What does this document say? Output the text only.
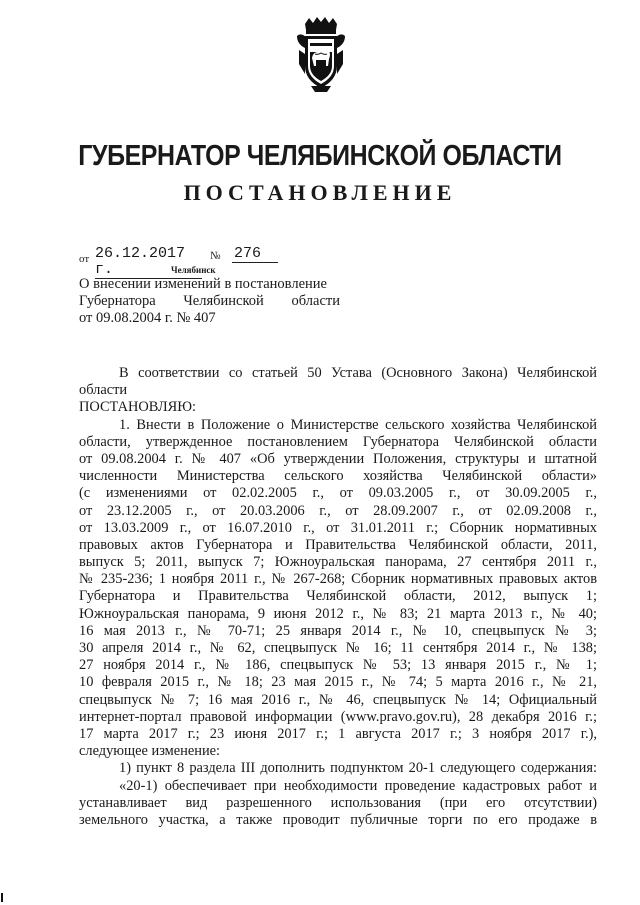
ГУБЕРНАТОР ЧЕЛЯБИНСКОЙ ОБЛАСТИ
ПОСТАНОВЛЕНИЕ
от 26.12.2017 г.
№ 276
Челябинск
О внесении изменений в постановление
Губернатора Челябинской области
от 09.08.2004 г. № 407
В соответствии со статьей 50 Устава (Основного Закона) Челябинской
области
ПОСТАНОВЛЯЮ:
1. Внести в Положение о Министерстве сельского хозяйства Челябинской
области, утвержденное постановлением Губернатора Челябинской области
от 09.08.2004 г. № 407 «Об утверждении Положения, структуры и штатной
численности Министерства сельского хозяйства Челябинской области»
(с изменениями от 02.02.2005 г., от 09.03.2005 г., от 30.09.2005 г.,
от 23.12.2005 г., от 20.03.2006 г., от 28.09.2007 г., от 02.09.2008 г.,
от 13.03.2009 г., от 16.07.2010 г., от 31.01.2011 г.; Сборник нормативных
правовых актов Губернатора и Правительства Челябинской области, 2011,
выпуск 5; 2011, выпуск 7; Южноуральская панорама, 27 сентября 2011 г.,
№ 235-236; 1 ноября 2011 г., № 267-268; Сборник нормативных правовых актов
Губернатора и Правительства Челябинской области, 2012, выпуск 1;
Южноуральская панорама, 9 июня 2012 г., № 83; 21 марта 2013 г., № 40;
16 мая 2013 г., № 70-71; 25 января 2014 г., № 10, спецвыпуск № 3;
30 апреля 2014 г., № 62, спецвыпуск № 16; 11 сентября 2014 г., № 138;
27 ноября 2014 г., № 186, спецвыпуск № 53; 13 января 2015 г., № 1;
10 февраля 2015 г., № 18; 23 мая 2015 г., № 74; 5 марта 2016 г., № 21,
спецвыпуск № 7; 16 мая 2016 г., № 46, спецвыпуск № 14; Официальный
интернет-портал правовой информации (www.pravo.gov.ru), 28 декабря 2016 г.;
17 марта 2017 г.; 23 июня 2017 г.; 1 августа 2017 г.; 3 ноября 2017 г.),
следующее изменение:
1) пункт 8 раздела III дополнить подпунктом 20-1 следующего содержания:
«20-1) обеспечивает при необходимости проведение кадастровых работ и
устанавливает вид разрешенного использования (при его отсутствии)
земельного участка, а также проводит публичные торги по его продаже в
